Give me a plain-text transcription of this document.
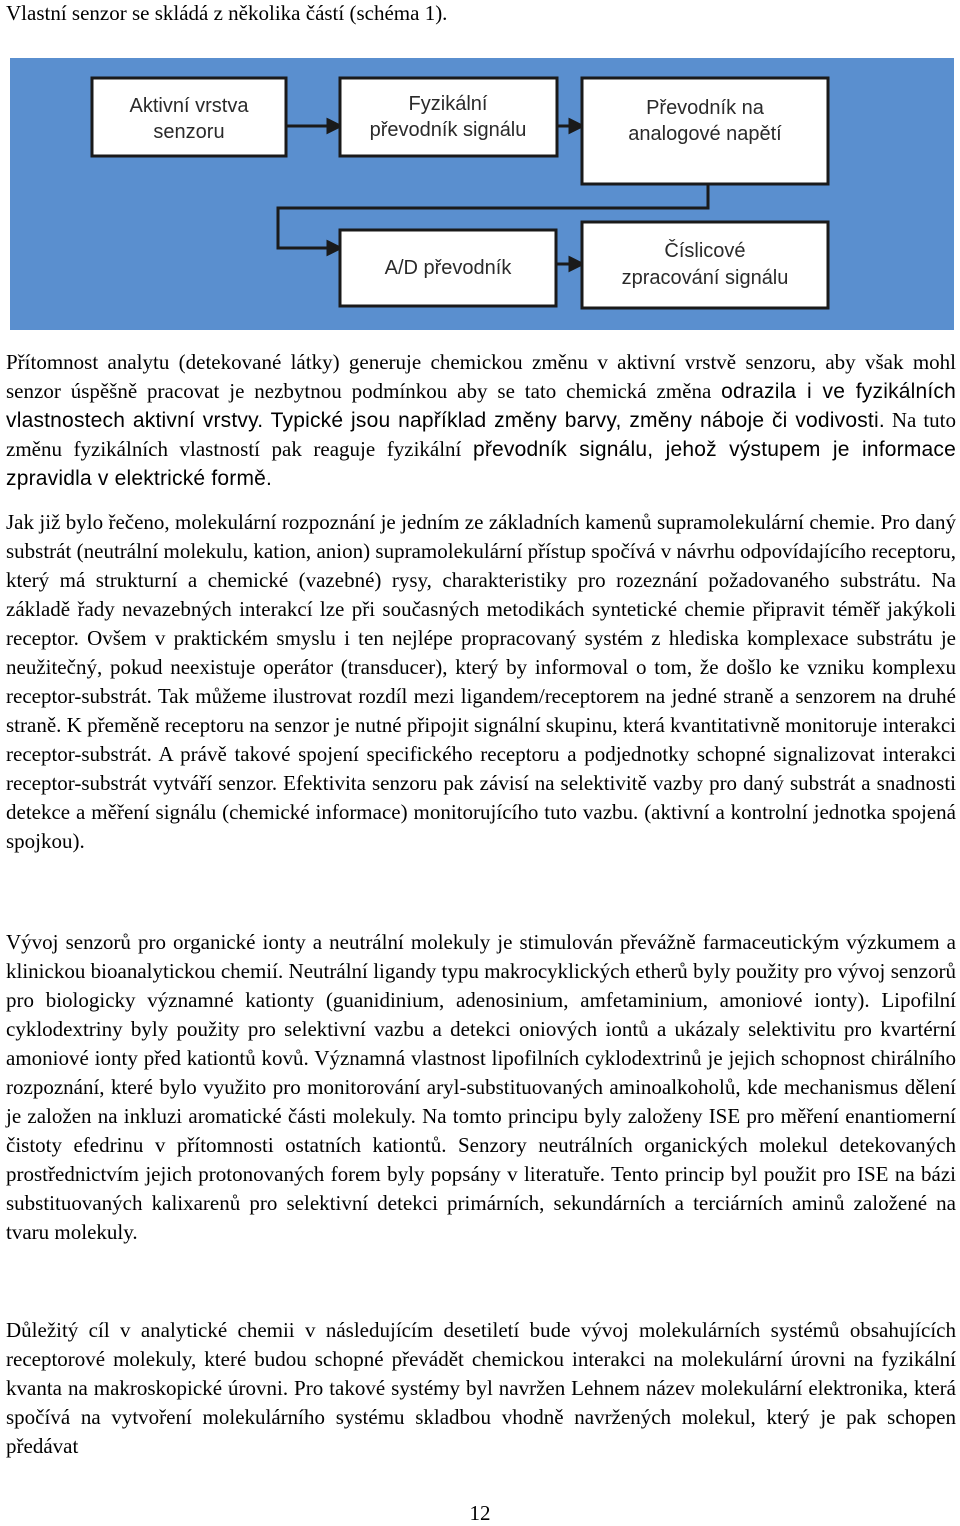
Vlastní senzor se skládá z několika částí (schéma 1).

Aktivní vrstva
senzoru
Fyzikální
převodník signálu
Převodník na
analogové napětí
A/D převodník
Číslicové
zpracování signálu

Přítomnost analytu (detekované látky) generuje chemickou změnu v aktivní vrstvě senzoru, aby však mohl senzor úspěšně pracovat je nezbytnou podmínkou aby se tato chemická změna odrazila i ve fyzikálních vlastnostech aktivní vrstvy. Typické jsou například změny barvy, změny náboje či vodivosti. Na tuto změnu fyzikálních vlastností pak reaguje fyzikální převodník signálu, jehož výstupem je informace zpravidla v elektrické formě.

Jak již bylo řečeno, molekulární rozpoznání je jedním ze základních kamenů supramolekulární chemie. Pro daný substrát (neutrální molekulu, kation, anion) supramolekulární přístup spočívá v návrhu odpovídajícího receptoru, který má strukturní a chemické (vazebné) rysy, charakteristiky pro rozeznání požadovaného substrátu. Na základě řady nevazebných interakcí lze při současných metodikách syntetické chemie připravit téměř jakýkoli receptor. Ovšem v praktickém smyslu i ten nejlépe propracovaný systém z hlediska komplexace substrátu je neužitečný, pokud neexistuje operátor (transducer), který by informoval o tom, že došlo ke vzniku komplexu receptor-substrát. Tak můžeme ilustrovat rozdíl mezi ligandem/receptorem na jedné straně a senzorem na druhé straně. K přeměně receptoru na senzor je nutné připojit signální skupinu, která kvantitativně monitoruje interakci receptor-substrát. A právě takové spojení specifického receptoru a podjednotky schopné signalizovat interakci receptor-substrát vytváří senzor. Efektivita senzoru pak závisí na selektivitě vazby pro daný substrát a snadnosti detekce a měření signálu (chemické informace) monitorujícího tuto vazbu. (aktivní a kontrolní jednotka spojená spojkou).

Vývoj senzorů pro organické ionty a neutrální molekuly je stimulován převážně farmaceutickým výzkumem a klinickou bioanalytickou chemií. Neutrální ligandy typu makrocyklických etherů byly použity pro vývoj senzorů pro biologicky významné kationty (guanidinium, adenosinium, amfetaminium, amoniové ionty). Lipofilní cyklodextriny byly použity pro selektivní vazbu a detekci oniových iontů a ukázaly selektivitu pro kvartérní amoniové ionty před kationtů kovů. Významná vlastnost lipofilních cyklodextrinů je jejich schopnost chirálního rozpoznání, které bylo využito pro monitorování aryl-substituovaných aminoalkoholů, kde mechanismus dělení je založen na inkluzi aromatické části molekuly. Na tomto principu byly založeny ISE pro měření enantiomerní čistoty efedrinu v přítomnosti ostatních kationtů. Senzory neutrálních organických molekul detekovaných prostřednictvím jejich protonovaných forem byly popsány v literatuře. Tento princip byl použit pro ISE na bázi substituovaných kalixarenů pro selektivní detekci primárních, sekundárních a terciárních aminů založené na tvaru molekuly.

Důležitý cíl v analytické chemii v následujícím desetiletí bude vývoj molekulárních systémů obsahujících receptorové molekuly, které budou schopné převádět chemickou interakci na molekulární úrovni na fyzikální kvanta na makroskopické úrovni. Pro takové systémy byl navržen Lehnem název molekulární elektronika, která spočívá na vytvoření molekulárního systému skladbou vhodně navržených molekul, který je pak schopen předávat

12
